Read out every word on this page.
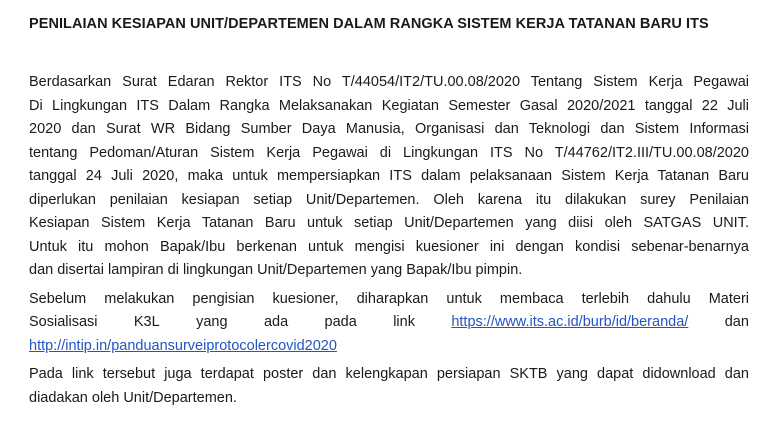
PENILAIAN KESIAPAN UNIT/DEPARTEMEN DALAM RANGKA SISTEM KERJA TATANAN BARU ITS

Berdasarkan Surat Edaran Rektor ITS No T/44054/IT2/TU.00.08/2020 Tentang Sistem Kerja Pegawai
Di Lingkungan ITS Dalam Rangka Melaksanakan Kegiatan Semester Gasal 2020/2021 tanggal 22 Juli
2020 dan Surat WR Bidang Sumber Daya Manusia, Organisasi dan Teknologi dan Sistem Informasi
tentang Pedoman/Aturan Sistem Kerja Pegawai di Lingkungan ITS No T/44762/IT2.III/TU.00.08/2020
tanggal 24 Juli 2020, maka untuk mempersiapkan ITS dalam pelaksanaan Sistem Kerja Tatanan Baru
diperlukan penilaian kesiapan setiap Unit/Departemen. Oleh karena itu dilakukan surey Penilaian
Kesiapan Sistem Kerja Tatanan Baru untuk setiap Unit/Departemen yang diisi oleh SATGAS UNIT.
Untuk itu mohon Bapak/Ibu berkenan untuk mengisi kuesioner ini dengan kondisi sebenar-benarnya
dan disertai lampiran di lingkungan Unit/Departemen yang Bapak/Ibu pimpin.

Sebelum melakukan pengisian kuesioner, diharapkan untuk membaca terlebih dahulu Materi
Sosialisasi	K3L	yang	ada	pada	link	https://www.its.ac.id/burb/id/beranda/	dan
http://intip.in/panduansurveiprotocolercovid2020

Pada link tersebut juga terdapat poster dan kelengkapan persiapan SKTB yang dapat didownload dan
diadakan oleh Unit/Departemen.
